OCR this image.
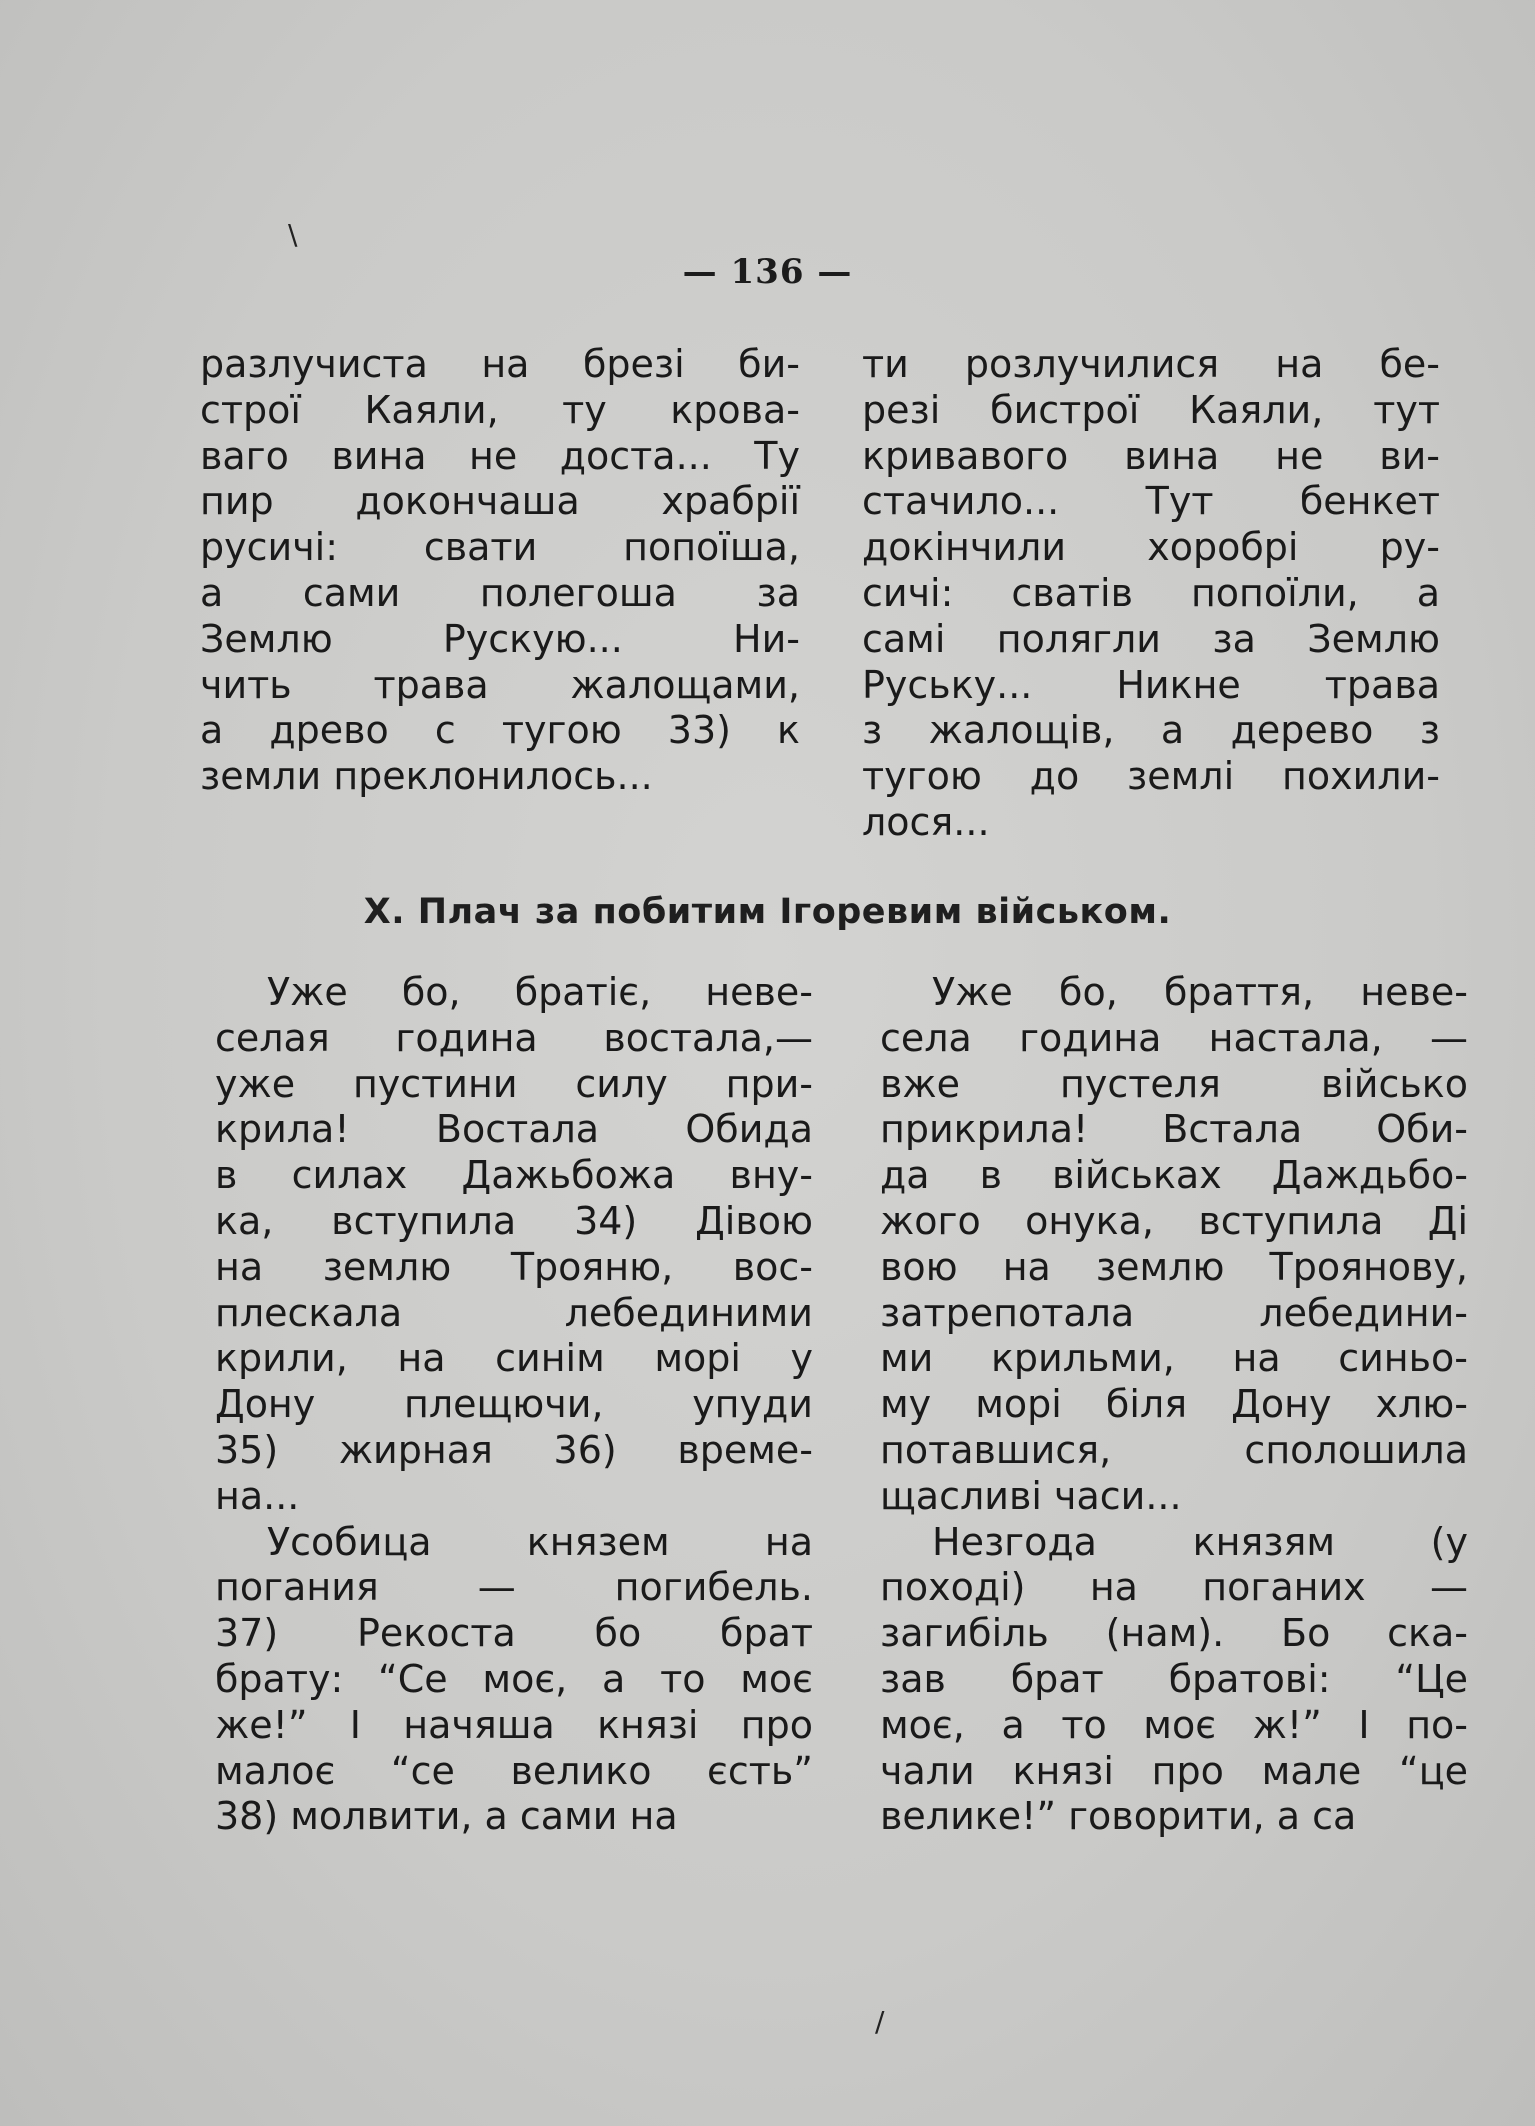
— 136 —
разлучиста на брезі би-
строї Каяли, ту крова-
ваго вина не доста... Ту
пир докончаша храбрії
русичі: свати попоїша,
а сами полегоша за
Землю Рускую... Ни-
чить трава жалощами,
а древо с тугою 33) к
земли преклонилось...
ти розлучилися на бе-
резі бистрої Каяли, тут
кривавого вина не ви-
стачило... Тут бенкет
докінчили хоробрі ру-
сичі: сватів попоїли, а
самі полягли за Землю
Руську... Никне трава
з жалощів, а дерево з
тугою до землі похили-
лося...
X. Плач за побитим Ігоревим військом.
Уже бо, братіє, неве-
селая година востала,—
уже пустини силу при-
крила! Востала Обида
в силах Дажьбожа вну-
ка, вступила 34) Дівою
на землю Трояню, вос-
плескала лебединими
крили, на синім морі у
Дону плещючи, упуди
35) жирная 36) време-
на...
Усобица князем на
погания — погибель.
37) Рекоста бо брат
брату: “Се моє, а то моє
же!” І начяша князі про
малоє “се велико єсть”
38) молвити, а сами на
Уже бо, браття, неве-
села година настала, —
вже пустеля військо
прикрила! Встала Оби-
да в військах Даждьбо-
жого онука, вступила Ді
вою на землю Троянову,
затрепотала лебедини-
ми крильми, на синьо-
му морі біля Дону хлю-
потавшися, сполошила
щасливі часи...
Незгода князям (у
поході) на поганих —
загибіль (нам). Бо ска-
зав брат братові: “Це
моє, а то моє ж!” І по-
чали князі про мале “це
велике!” говорити, а са
\
/
